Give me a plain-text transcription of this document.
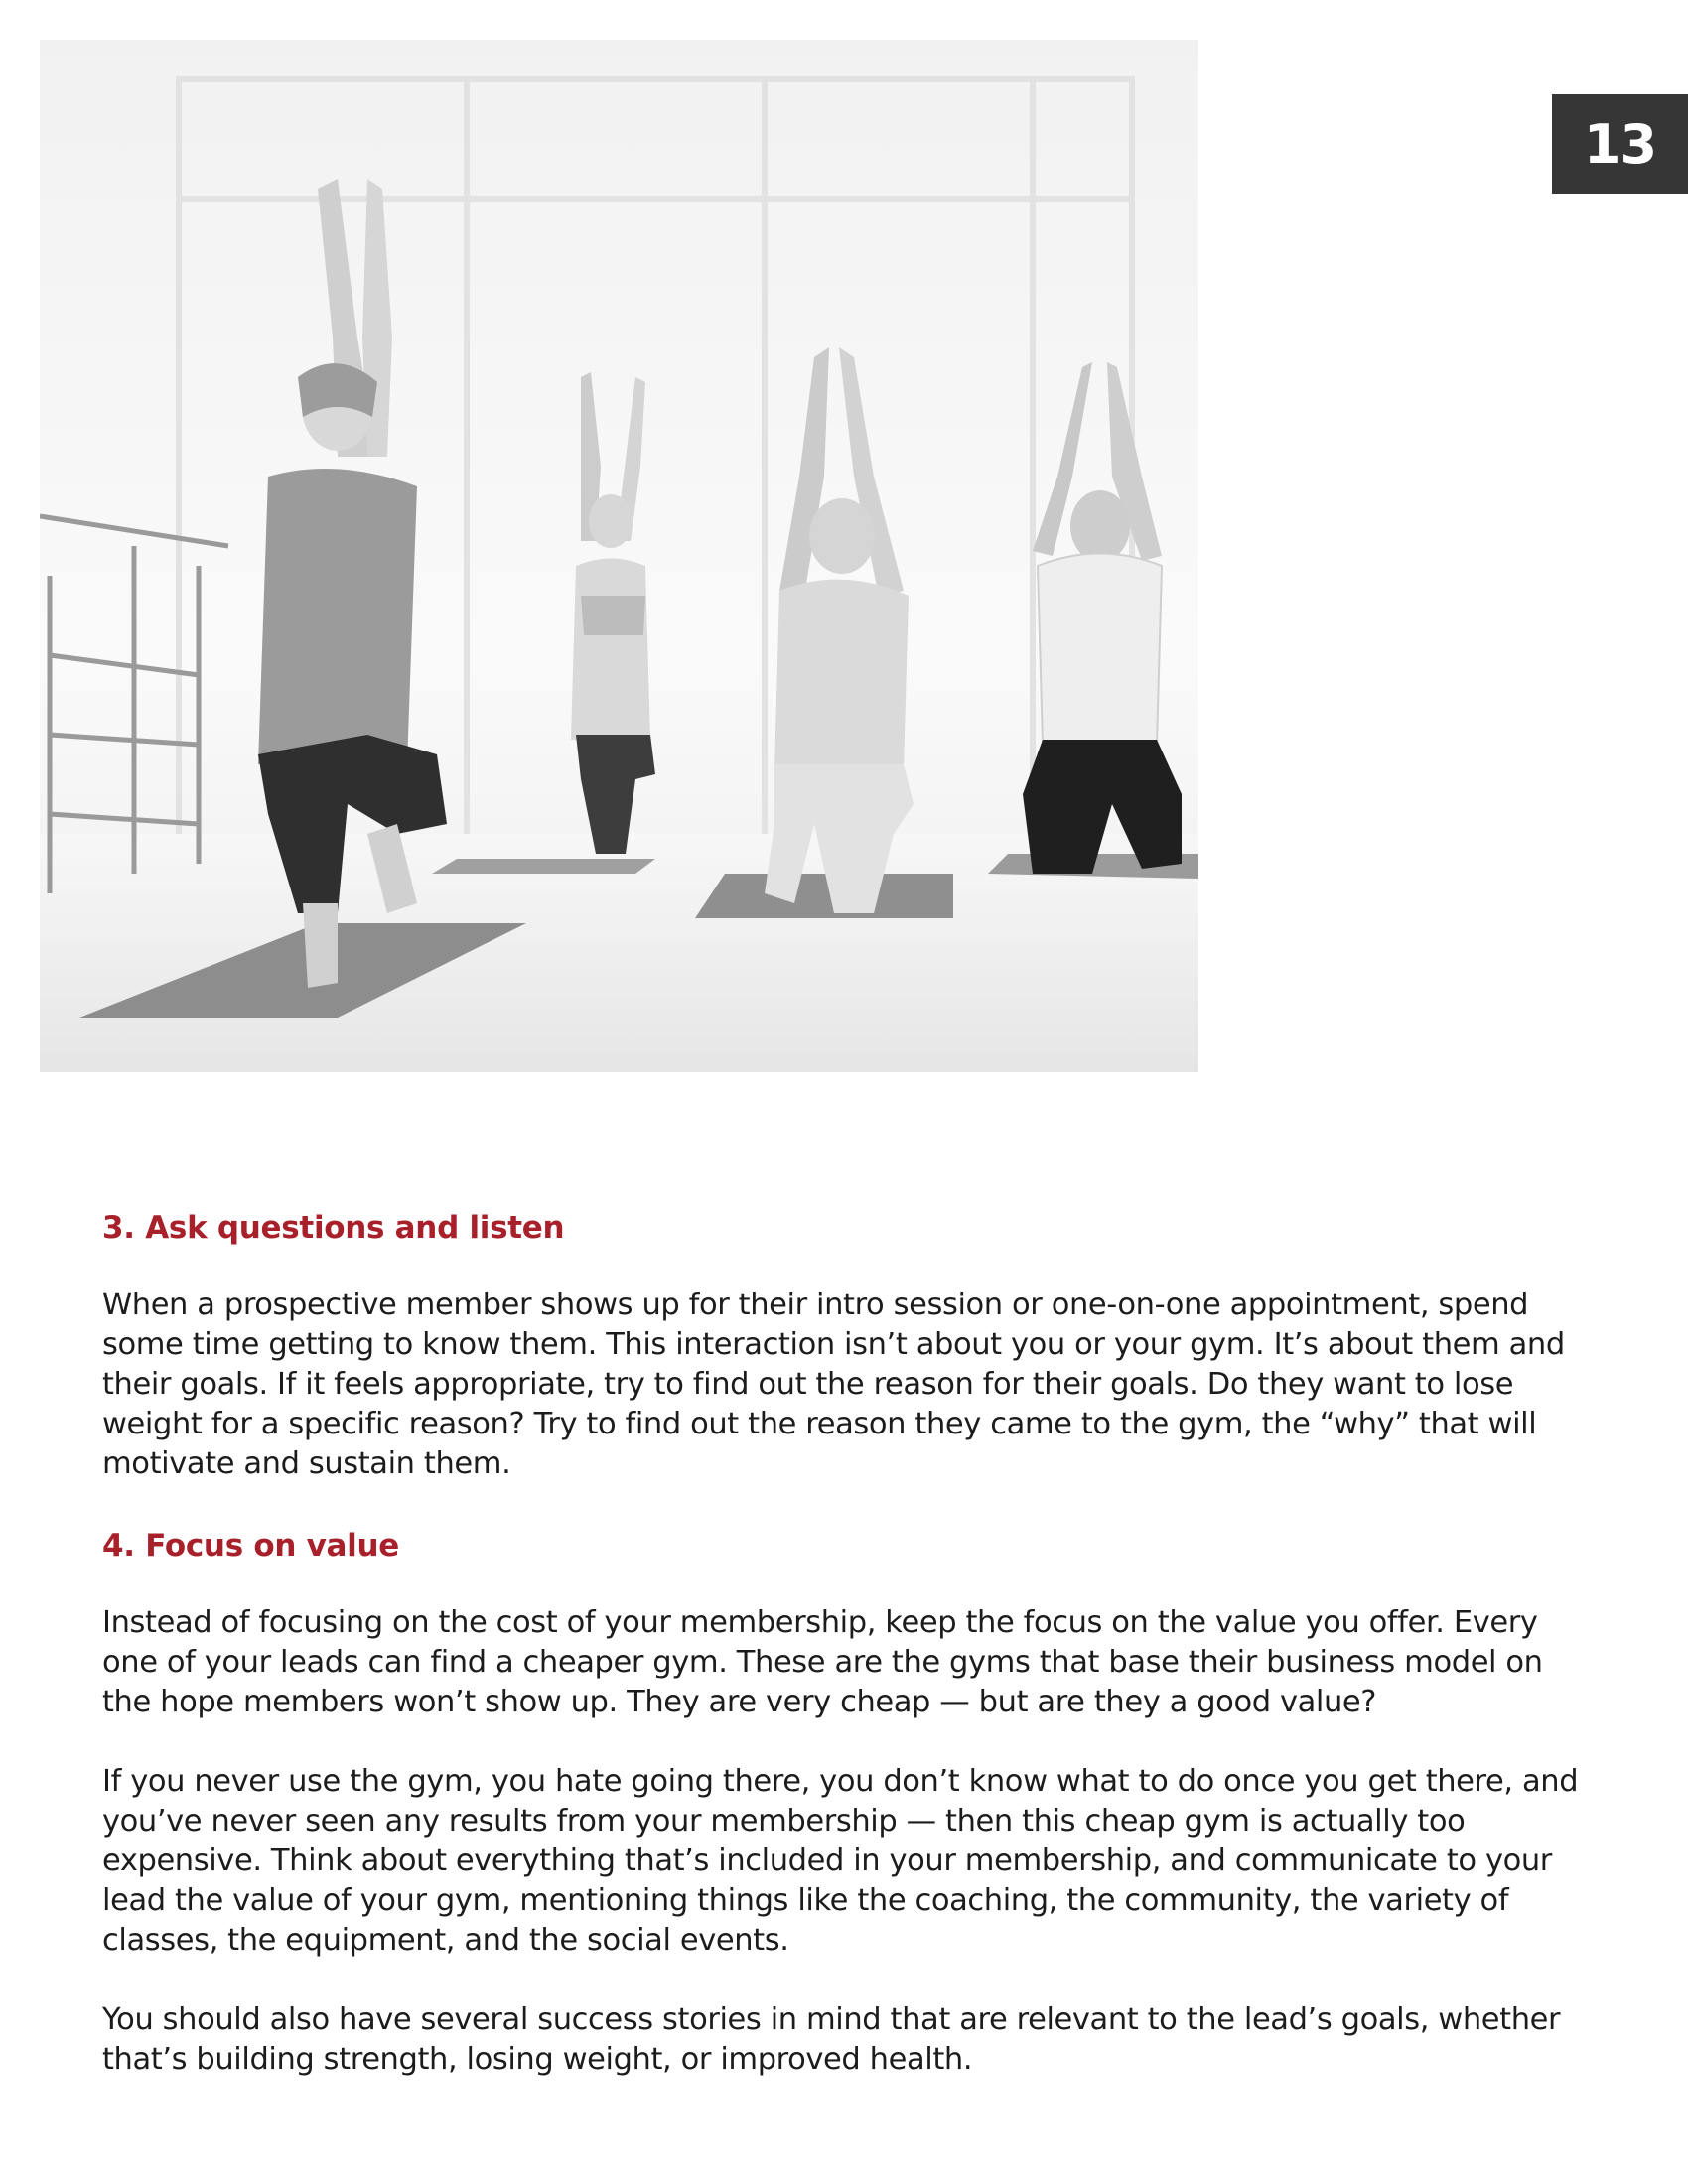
13
3. Ask questions and listen

When a prospective member shows up for their intro session or one-on-one appointment, spend some time getting to know them. This interaction isn’t about you or your gym. It’s about them and their goals. If it feels appropriate, try to find out the reason for their goals. Do they want to lose weight for a specific reason? Try to find out the reason they came to the gym, the “why” that will motivate and sustain them.

4. Focus on value

Instead of focusing on the cost of your membership, keep the focus on the value you offer. Every one of your leads can find a cheaper gym. These are the gyms that base their business model on the hope members won’t show up. They are very cheap — but are they a good value?

If you never use the gym, you hate going there, you don’t know what to do once you get there, and you’ve never seen any results from your membership — then this cheap gym is actually too expensive. Think about everything that’s included in your membership, and communicate to your lead the value of your gym, mentioning things like the coaching, the community, the variety of classes, the equipment, and the social events.

You should also have several success stories in mind that are relevant to the lead’s goals, whether that’s building strength, losing weight, or improved health.
